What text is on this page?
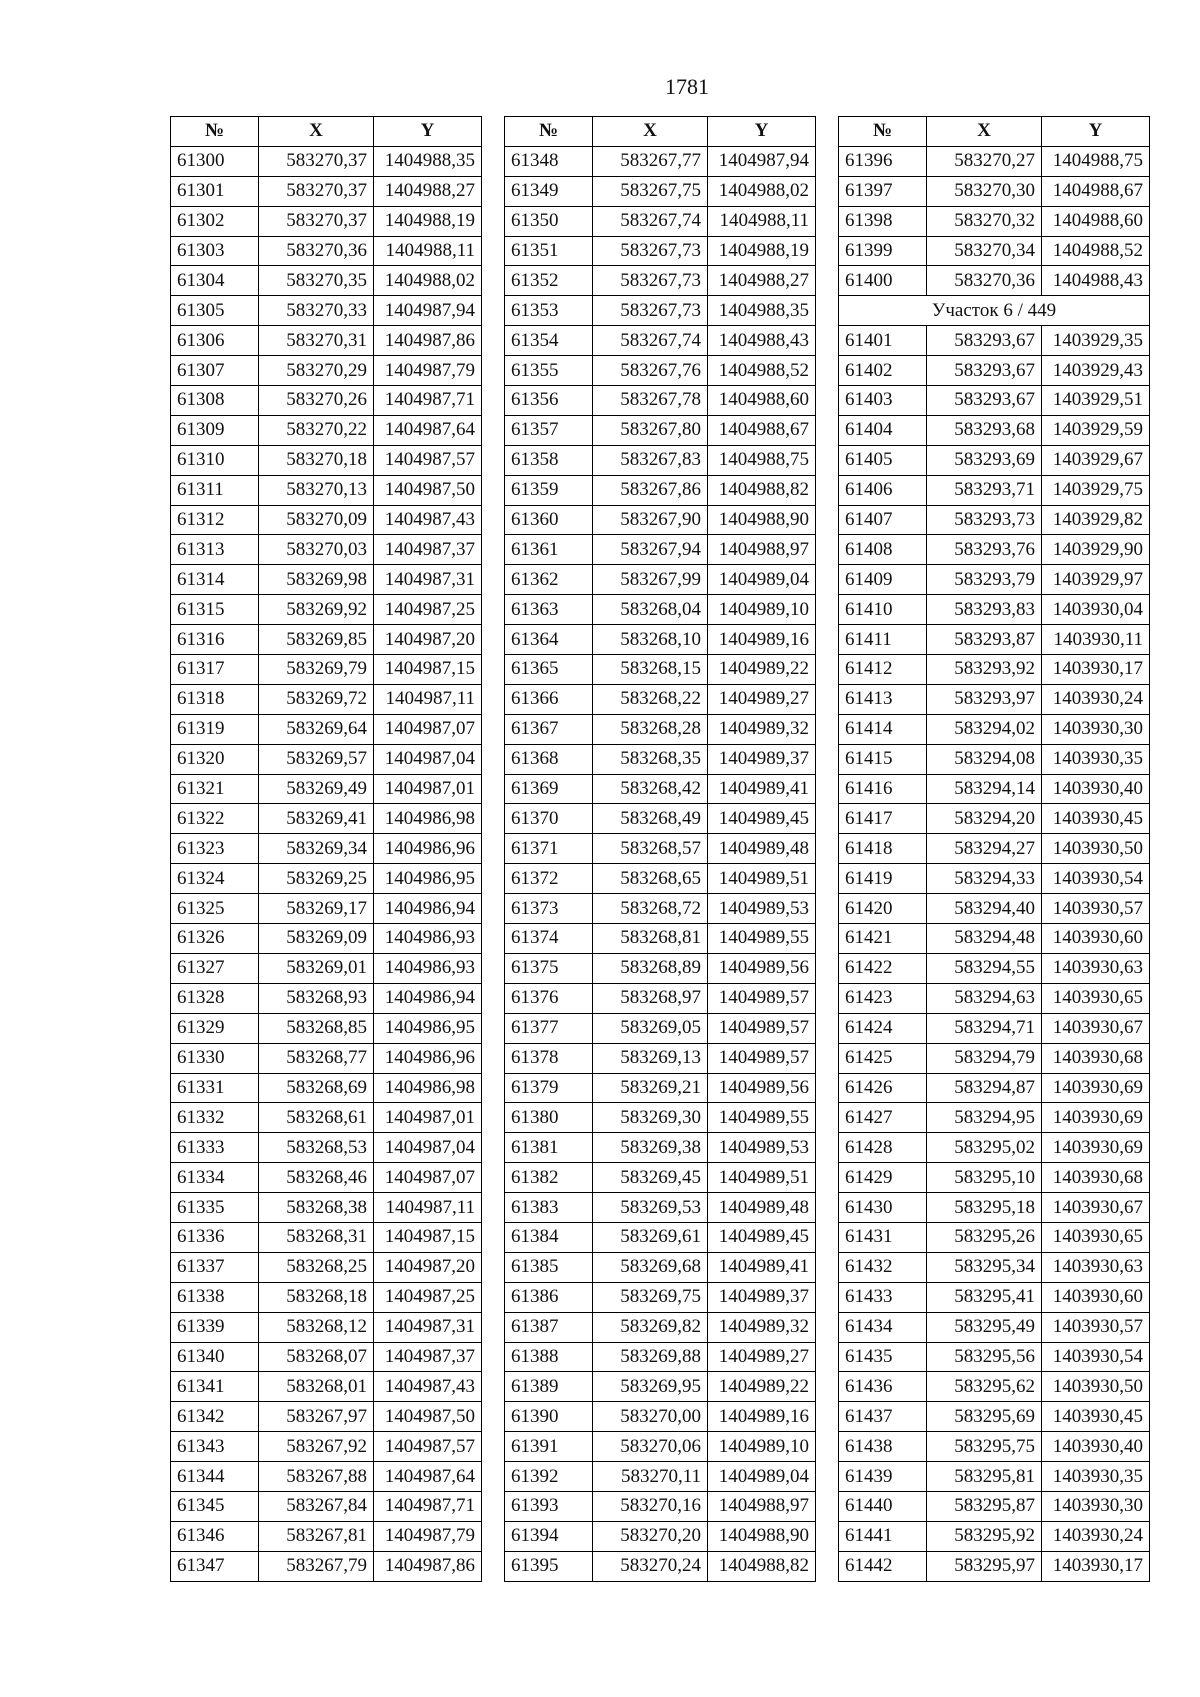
1781
№	X	Y
61300	583270,37	1404988,35
61301	583270,37	1404988,27
61302	583270,37	1404988,19
61303	583270,36	1404988,11
61304	583270,35	1404988,02
61305	583270,33	1404987,94
61306	583270,31	1404987,86
61307	583270,29	1404987,79
61308	583270,26	1404987,71
61309	583270,22	1404987,64
61310	583270,18	1404987,57
61311	583270,13	1404987,50
61312	583270,09	1404987,43
61313	583270,03	1404987,37
61314	583269,98	1404987,31
61315	583269,92	1404987,25
61316	583269,85	1404987,20
61317	583269,79	1404987,15
61318	583269,72	1404987,11
61319	583269,64	1404987,07
61320	583269,57	1404987,04
61321	583269,49	1404987,01
61322	583269,41	1404986,98
61323	583269,34	1404986,96
61324	583269,25	1404986,95
61325	583269,17	1404986,94
61326	583269,09	1404986,93
61327	583269,01	1404986,93
61328	583268,93	1404986,94
61329	583268,85	1404986,95
61330	583268,77	1404986,96
61331	583268,69	1404986,98
61332	583268,61	1404987,01
61333	583268,53	1404987,04
61334	583268,46	1404987,07
61335	583268,38	1404987,11
61336	583268,31	1404987,15
61337	583268,25	1404987,20
61338	583268,18	1404987,25
61339	583268,12	1404987,31
61340	583268,07	1404987,37
61341	583268,01	1404987,43
61342	583267,97	1404987,50
61343	583267,92	1404987,57
61344	583267,88	1404987,64
61345	583267,84	1404987,71
61346	583267,81	1404987,79
61347	583267,79	1404987,86
№	X	Y
61348	583267,77	1404987,94
61349	583267,75	1404988,02
61350	583267,74	1404988,11
61351	583267,73	1404988,19
61352	583267,73	1404988,27
61353	583267,73	1404988,35
61354	583267,74	1404988,43
61355	583267,76	1404988,52
61356	583267,78	1404988,60
61357	583267,80	1404988,67
61358	583267,83	1404988,75
61359	583267,86	1404988,82
61360	583267,90	1404988,90
61361	583267,94	1404988,97
61362	583267,99	1404989,04
61363	583268,04	1404989,10
61364	583268,10	1404989,16
61365	583268,15	1404989,22
61366	583268,22	1404989,27
61367	583268,28	1404989,32
61368	583268,35	1404989,37
61369	583268,42	1404989,41
61370	583268,49	1404989,45
61371	583268,57	1404989,48
61372	583268,65	1404989,51
61373	583268,72	1404989,53
61374	583268,81	1404989,55
61375	583268,89	1404989,56
61376	583268,97	1404989,57
61377	583269,05	1404989,57
61378	583269,13	1404989,57
61379	583269,21	1404989,56
61380	583269,30	1404989,55
61381	583269,38	1404989,53
61382	583269,45	1404989,51
61383	583269,53	1404989,48
61384	583269,61	1404989,45
61385	583269,68	1404989,41
61386	583269,75	1404989,37
61387	583269,82	1404989,32
61388	583269,88	1404989,27
61389	583269,95	1404989,22
61390	583270,00	1404989,16
61391	583270,06	1404989,10
61392	583270,11	1404989,04
61393	583270,16	1404988,97
61394	583270,20	1404988,90
61395	583270,24	1404988,82
№	X	Y
61396	583270,27	1404988,75
61397	583270,30	1404988,67
61398	583270,32	1404988,60
61399	583270,34	1404988,52
61400	583270,36	1404988,43
Участок 6 / 449		
61401	583293,67	1403929,35
61402	583293,67	1403929,43
61403	583293,67	1403929,51
61404	583293,68	1403929,59
61405	583293,69	1403929,67
61406	583293,71	1403929,75
61407	583293,73	1403929,82
61408	583293,76	1403929,90
61409	583293,79	1403929,97
61410	583293,83	1403930,04
61411	583293,87	1403930,11
61412	583293,92	1403930,17
61413	583293,97	1403930,24
61414	583294,02	1403930,30
61415	583294,08	1403930,35
61416	583294,14	1403930,40
61417	583294,20	1403930,45
61418	583294,27	1403930,50
61419	583294,33	1403930,54
61420	583294,40	1403930,57
61421	583294,48	1403930,60
61422	583294,55	1403930,63
61423	583294,63	1403930,65
61424	583294,71	1403930,67
61425	583294,79	1403930,68
61426	583294,87	1403930,69
61427	583294,95	1403930,69
61428	583295,02	1403930,69
61429	583295,10	1403930,68
61430	583295,18	1403930,67
61431	583295,26	1403930,65
61432	583295,34	1403930,63
61433	583295,41	1403930,60
61434	583295,49	1403930,57
61435	583295,56	1403930,54
61436	583295,62	1403930,50
61437	583295,69	1403930,45
61438	583295,75	1403930,40
61439	583295,81	1403930,35
61440	583295,87	1403930,30
61441	583295,92	1403930,24
61442	583295,97	1403930,17
